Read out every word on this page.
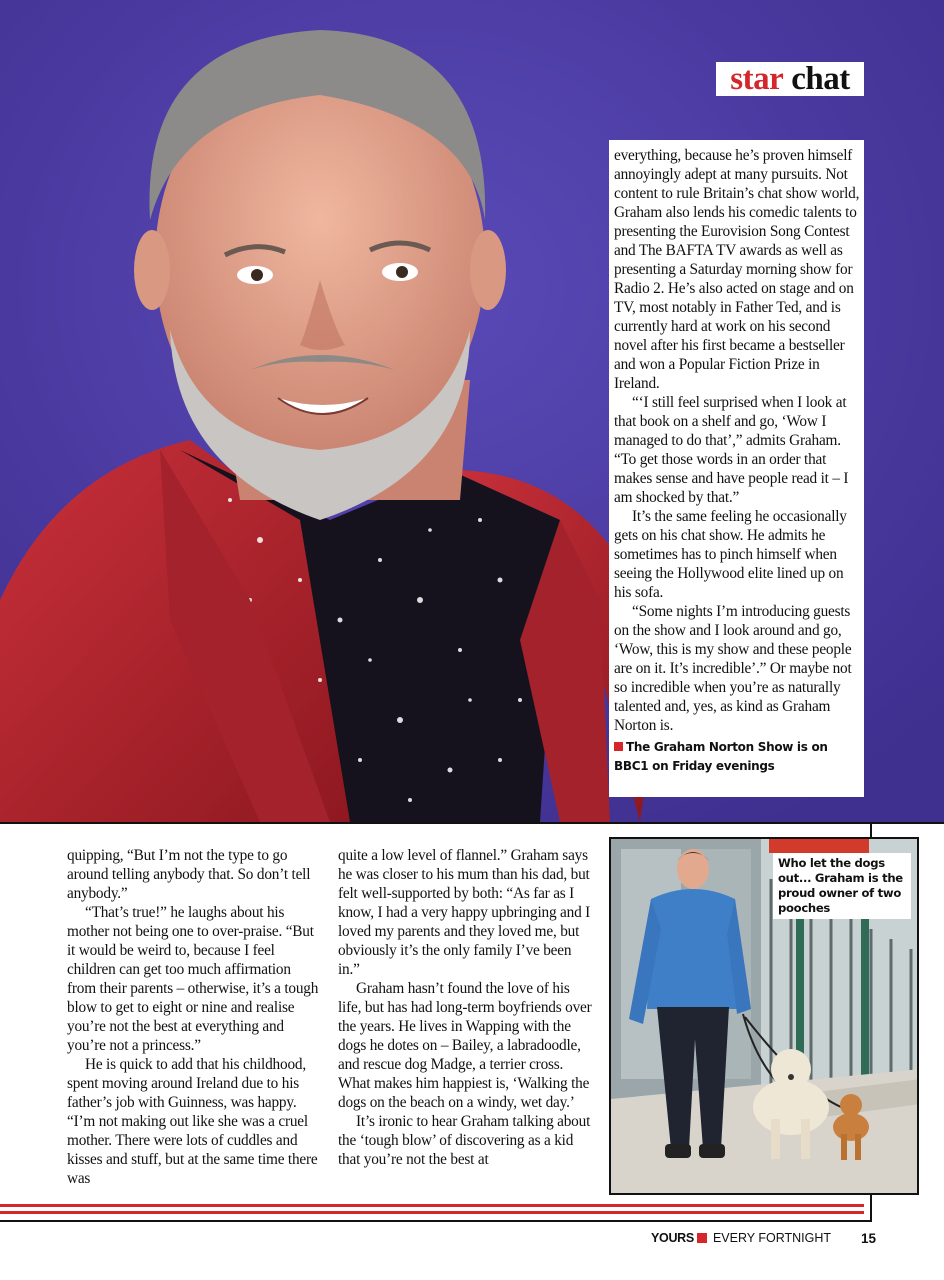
star chat

everything, because he’s proven himself annoyingly adept at many pursuits. Not content to rule Britain’s chat show world, Graham also lends his comedic talents to presenting the Eurovision Song Contest and The BAFTA TV awards as well as presenting a Saturday morning show for Radio 2. He’s also acted on stage and on TV, most notably in Father Ted, and is currently hard at work on his second novel after his first became a bestseller and won a Popular Fiction Prize in Ireland.

“‘I still feel surprised when I look at that book on a shelf and go, ‘Wow I managed to do that’,” admits Graham. “To get those words in an order that makes sense and have people read it – I am shocked by that.”

It’s the same feeling he occasionally gets on his chat show. He admits he sometimes has to pinch himself when seeing the Hollywood elite lined up on his sofa.

“Some nights I’m introducing guests on the show and I look around and go, ‘Wow, this is my show and these people are on it. It’s incredible’.” Or maybe not so incredible when you’re as naturally talented and, yes, as kind as Graham Norton is.

The Graham Norton Show is on BBC1 on Friday evenings

quipping, “But I’m not the type to go around telling anybody that. So don’t tell anybody.”

“That’s true!” he laughs about his mother not being one to over-praise. “But it would be weird to, because I feel children can get too much affirmation from their parents – otherwise, it’s a tough blow to get to eight or nine and realise you’re not the best at everything and you’re not a princess.”

He is quick to add that his childhood, spent moving around Ireland due to his father’s job with Guinness, was happy. “I’m not making out like she was a cruel mother. There were lots of cuddles and kisses and stuff, but at the same time there was

quite a low level of flannel.” Graham says he was closer to his mum than his dad, but felt well-supported by both: “As far as I know, I had a very happy upbringing and I loved my parents and they loved me, but obviously it’s the only family I’ve been in.”

Graham hasn’t found the love of his life, but has had long-term boyfriends over the years. He lives in Wapping with the dogs he dotes on – Bailey, a labradoodle, and rescue dog Madge, a terrier cross. What makes him happiest is, ‘Walking the dogs on the beach on a windy, wet day.’

It’s ironic to hear Graham talking about the ‘tough blow’ of discovering as a kid that you’re not the best at

Who let the dogs out... Graham is the proud owner of two pooches
YOURS EVERY FORTNIGHT 15
